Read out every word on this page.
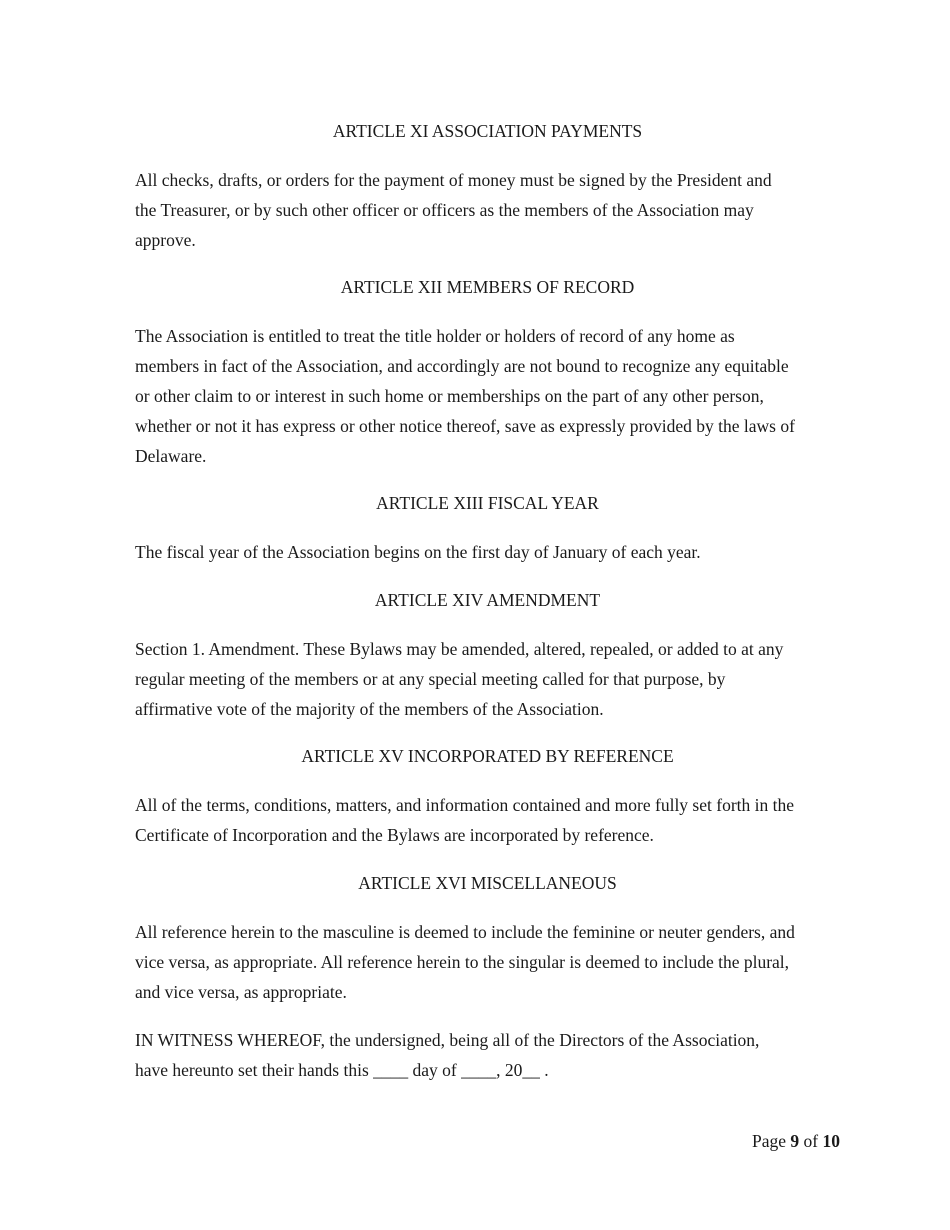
ARTICLE XI ASSOCIATION PAYMENTS
All checks, drafts, or orders for the payment of money must be signed by the President and
the Treasurer, or by such other officer or officers as the members of the Association may
approve.
ARTICLE XII MEMBERS OF RECORD
The Association is entitled to treat the title holder or holders of record of any home as
members in fact of the Association, and accordingly are not bound to recognize any equitable
or other claim to or interest in such home or memberships on the part of any other person,
whether or not it has express or other notice thereof, save as expressly provided by the laws of
Delaware.
ARTICLE XIII FISCAL YEAR
The fiscal year of the Association begins on the first day of January of each year.
ARTICLE XIV AMENDMENT
Section 1. Amendment. These Bylaws may be amended, altered, repealed, or added to at any
regular meeting of the members or at any special meeting called for that purpose, by
affirmative vote of the majority of the members of the Association.
ARTICLE XV INCORPORATED BY REFERENCE
All of the terms, conditions, matters, and information contained and more fully set forth in the
Certificate of Incorporation and the Bylaws are incorporated by reference.
ARTICLE XVI MISCELLANEOUS
All reference herein to the masculine is deemed to include the feminine or neuter genders, and
vice versa, as appropriate. All reference herein to the singular is deemed to include the plural,
and vice versa, as appropriate.
IN WITNESS WHEREOF, the undersigned, being all of the Directors of the Association,
have hereunto set their hands this ____ day of ____, 20__ .
Page 9 of 10
